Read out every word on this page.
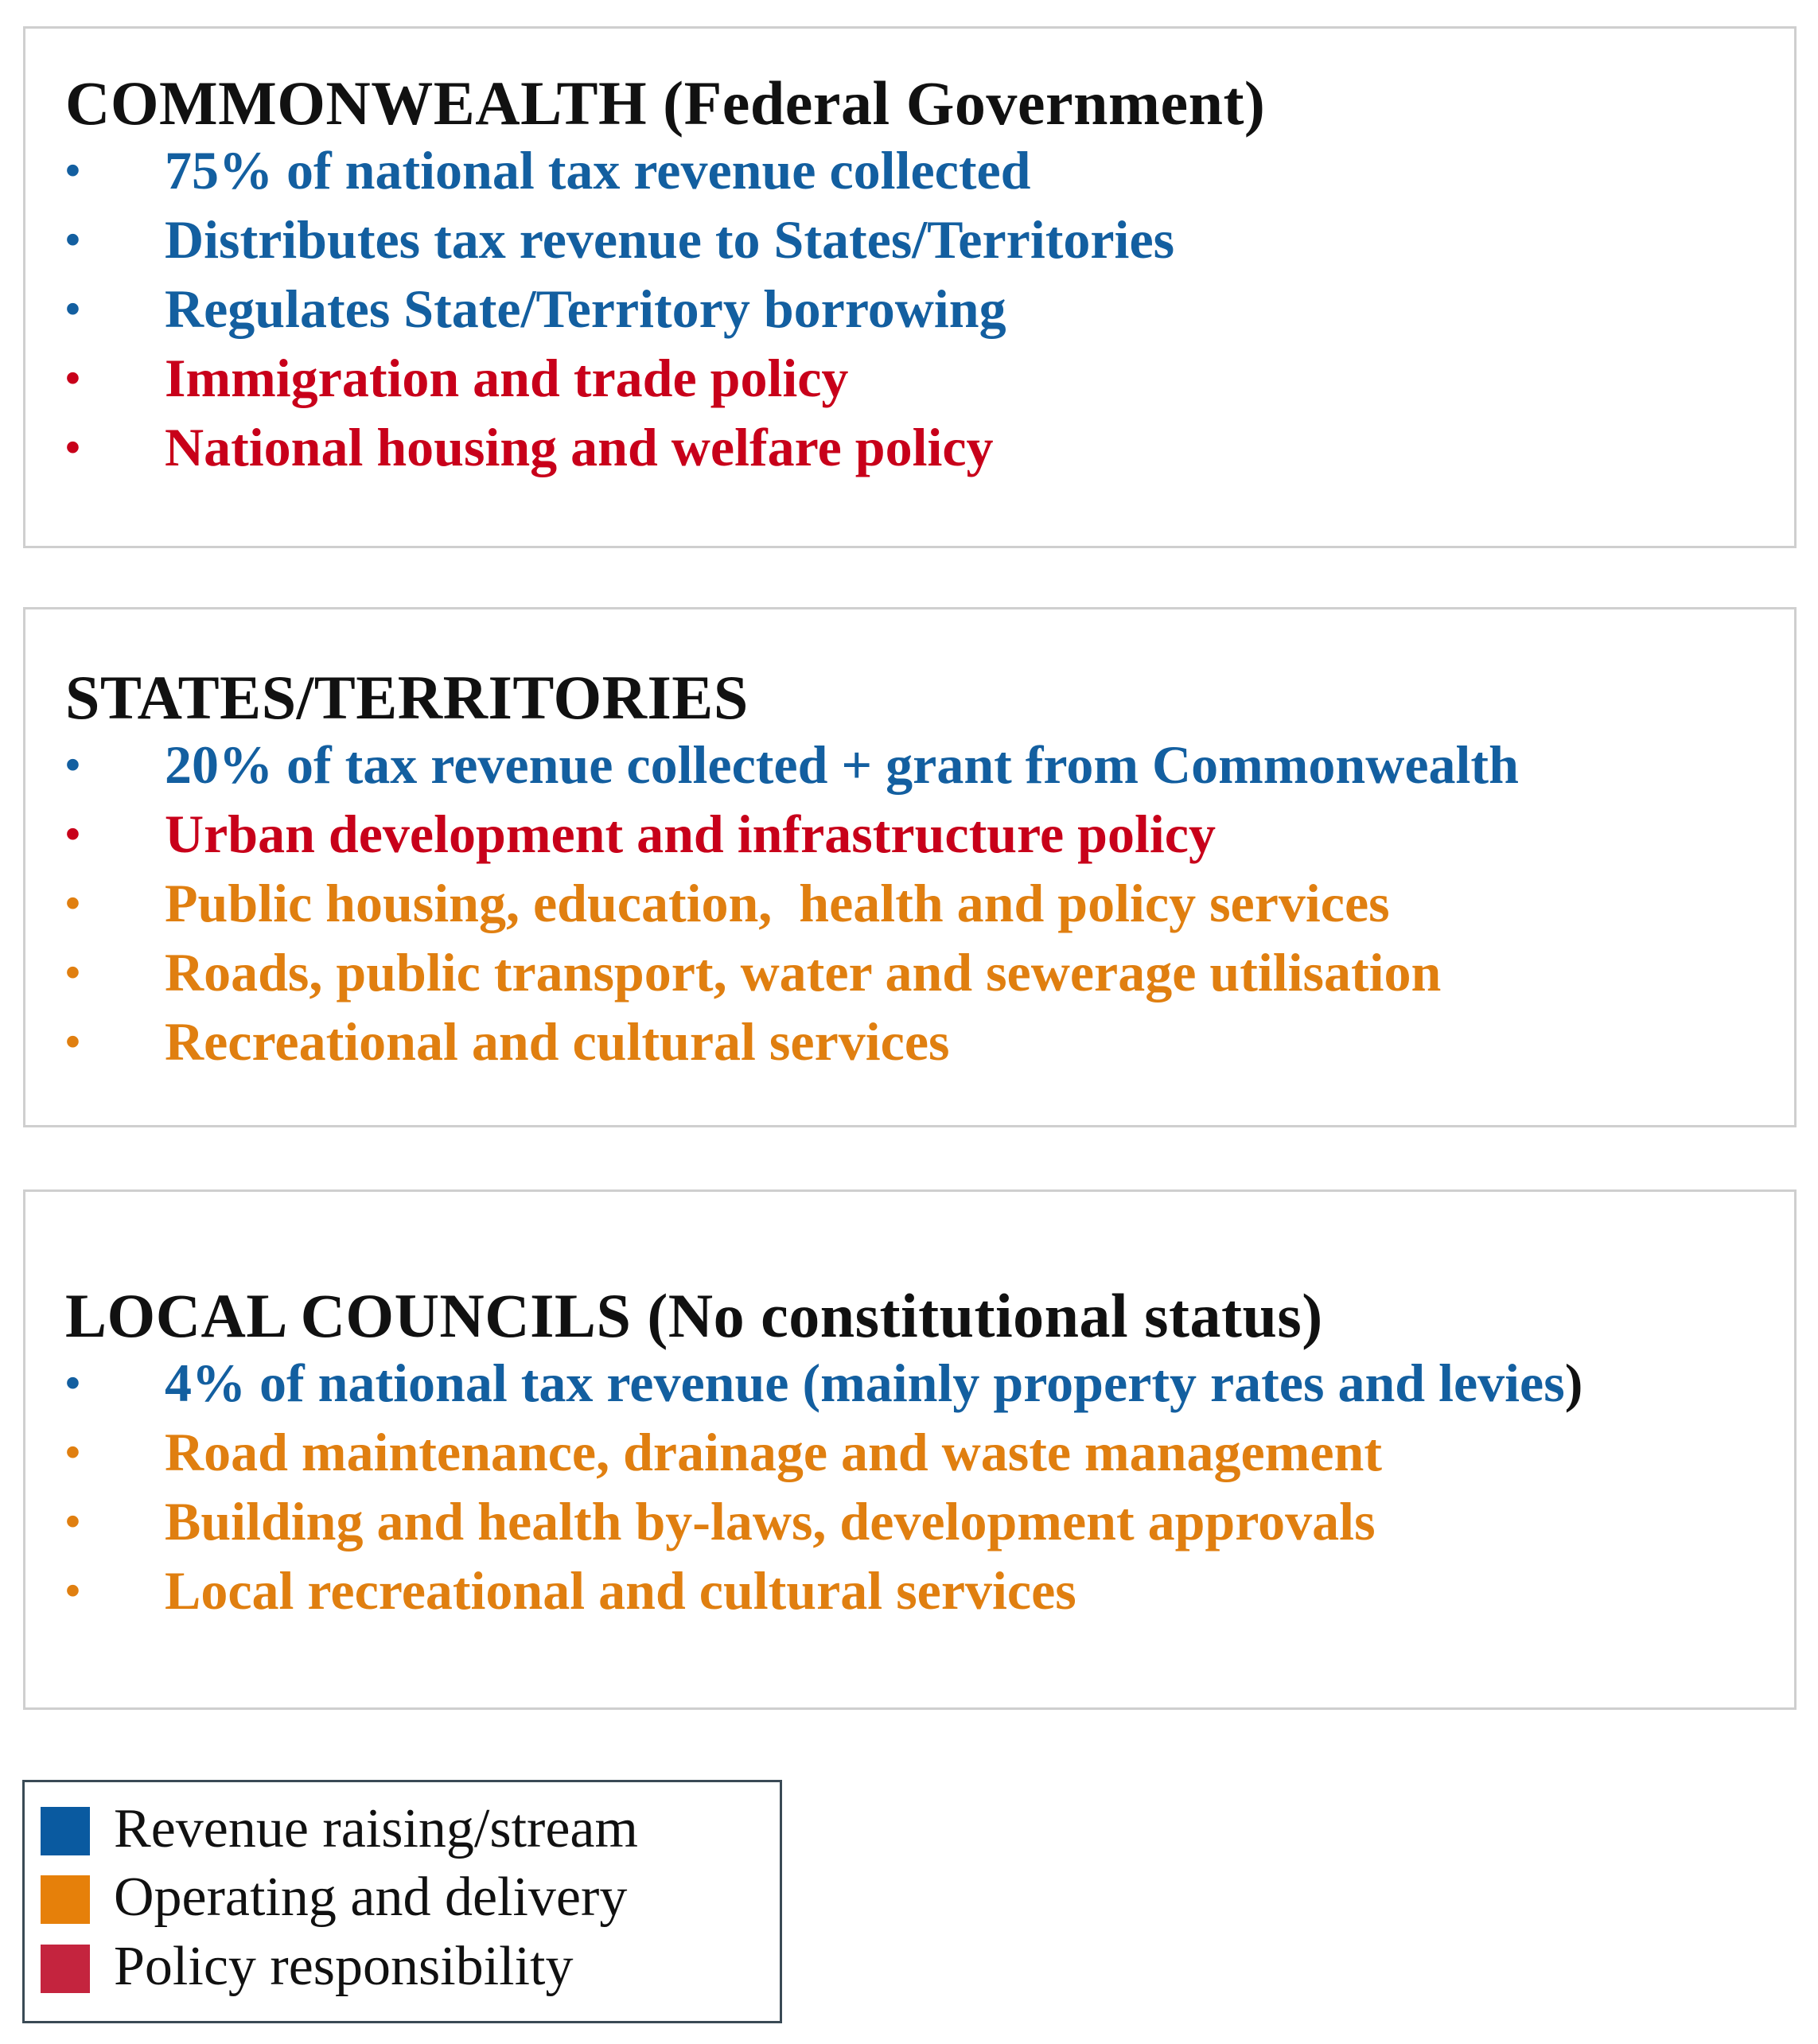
COMMONWEALTH (Federal Government)

•

	75% of national tax revenue collected

•

	Distributes tax revenue to States/Territories

•

	Regulates State/Territory borrowing

•

	Immigration and trade policy

•

	National housing and welfare policy

STATES/TERRITORIES

•

	20% of tax revenue collected + grant from Commonwealth

•

	Urban development and infrastructure policy

•

	Public housing, education,  health and policy services

•

	Roads, public transport, water and sewerage utilisation

•

	Recreational and cultural services

LOCAL COUNCILS (No constitutional status)

•

	4% of national tax revenue (mainly property rates and levies)

•

	Road maintenance, drainage and waste management

•

	Building and health by-laws, development approvals

•

	Local recreational and cultural services

Revenue raising/stream
Operating and delivery
Policy responsibility
